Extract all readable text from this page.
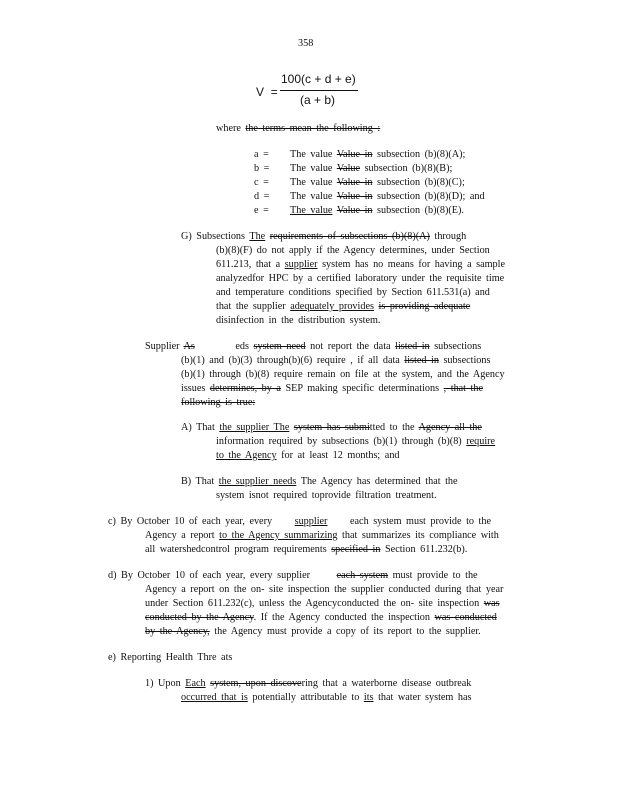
358
V =
100(c + d + e)
(a + b)
where the terms mean the following :
a = The value Value in subsection (b)(8)(A);
b = The value Value subsection (b)(8)(B);
c = The value Value in subsection (b)(8)(C);
d = The value Value in subsection (b)(8)(D); and
e = The value Value in subsection (b)(8)(E).
G) Subsections The requirements of subsections (b)(8)(A) through
(b)(8)(F) do not apply if the Agency determines, under Section
611.213, that a supplier system has no means for having a sample
analyzedfor HPC by a certified laboratory under the requisite time
and temperature conditions specified by Section 611.531(a) and
that the supplier adequately provides is providing adequate
disinfection in the distribution system.
Supplier As	eds system need not report the data listed in subsections
(b)(1) and (b)(3) through(b)(6) require , if all data listed in subsections
(b)(1) through (b)(8) require remain on file at the system, and the Agency
issues determines, by a SEP making specific determinations , that the
following is true:
A) That the supplier The system has submitted to the Agency all the
information required by subsections (b)(1) through (b)(8) require
to the Agency for at least 12 months; and
B) That the supplier needs The Agency has determined that the
system isnot required toprovide filtration treatment.
c) By October 10 of each year, every supplier each system must provide to the
Agency a report to the Agency summarizing that summarizes its compliance with
all watershedcontrol program requirements specified in Section 611.232(b).
d) By October 10 of each year, every supplier	each system must provide to the
Agency a report on the on- site inspection the supplier conducted during that year
under Section 611.232(c), unless the Agencyconducted the on- site inspection was
conducted by the Agency. If the Agency conducted the inspection was conducted
by the Agency, the Agency must provide a copy of its report to the supplier.
e) Reporting Health Thre ats
1) Upon Each system, upon discovering that a waterborne disease outbreak
occurred that is potentially attributable to its that water system has
